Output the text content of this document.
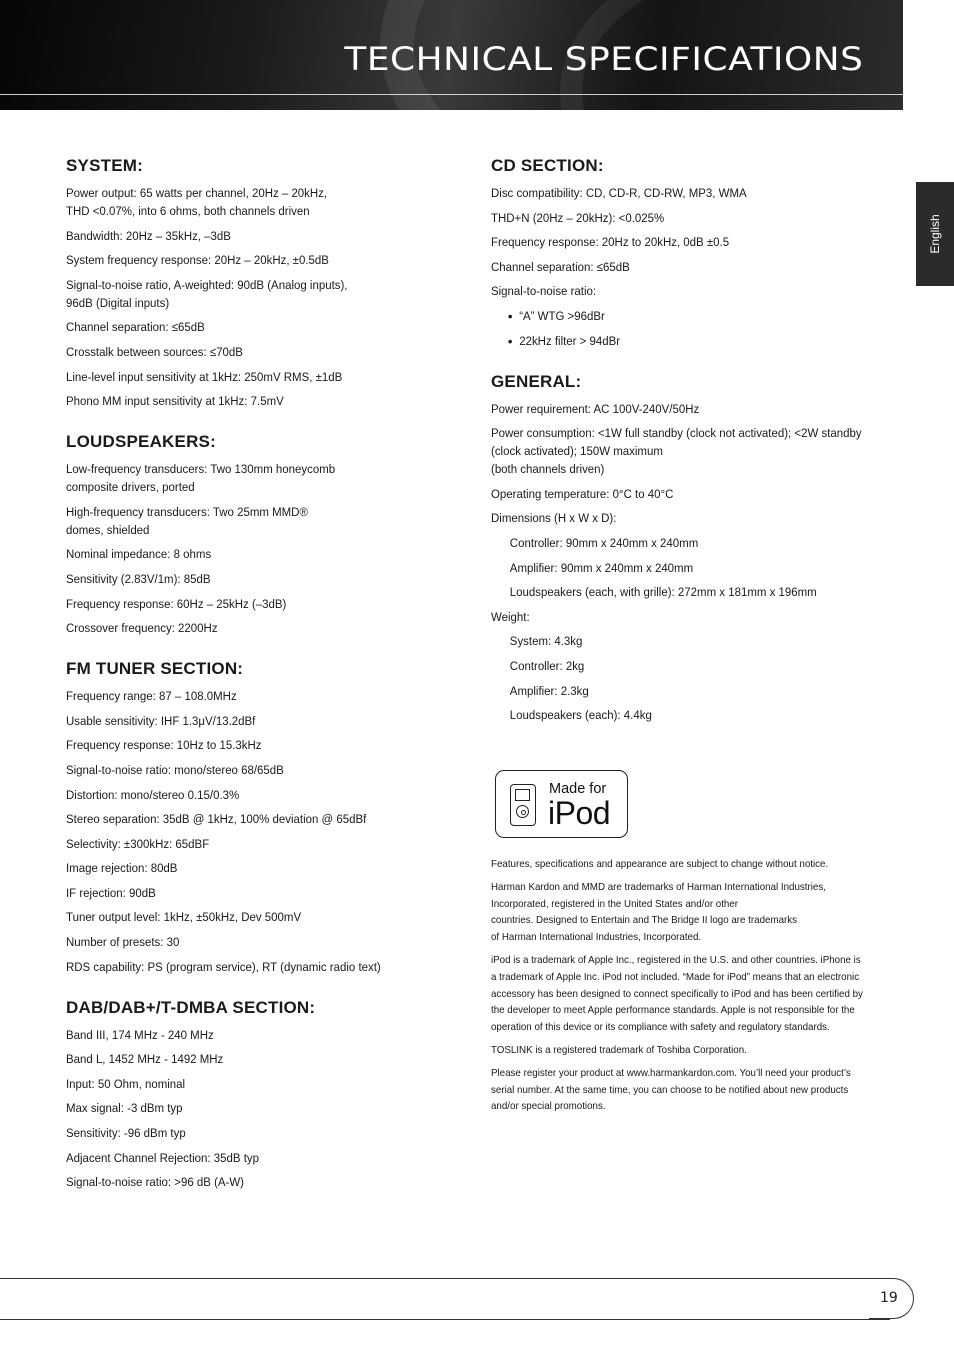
TECHNICAL SPECIFICATIONS
English
SYSTEM:
Power output: 65 watts per channel, 20Hz – 20kHz,
THD <0.07%, into 6 ohms, both channels driven
Bandwidth: 20Hz – 35kHz, –3dB
System frequency response: 20Hz – 20kHz, ±0.5dB
Signal-to-noise ratio, A-weighted: 90dB (Analog inputs),
96dB (Digital inputs)
Channel separation: ≤65dB
Crosstalk between sources: ≤70dB
Line-level input sensitivity at 1kHz: 250mV RMS, ±1dB
Phono MM input sensitivity at 1kHz: 7.5mV
LOUDSPEAKERS:
Low-frequency transducers: Two 130mm honeycomb
composite drivers, ported
High-frequency transducers: Two 25mm MMD®
domes, shielded
Nominal impedance: 8 ohms
Sensitivity (2.83V/1m): 85dB
Frequency response: 60Hz – 25kHz (–3dB)
Crossover frequency: 2200Hz
FM TUNER SECTION:
Frequency range: 87 – 108.0MHz
Usable sensitivity: IHF 1.3μV/13.2dBf
Frequency response: 10Hz to 15.3kHz
Signal-to-noise ratio: mono/stereo 68/65dB
Distortion: mono/stereo 0.15/0.3%
Stereo separation: 35dB @ 1kHz, 100% deviation @ 65dBf
Selectivity: ±300kHz: 65dBF
Image rejection: 80dB
IF rejection: 90dB
Tuner output level: 1kHz, ±50kHz, Dev 500mV
Number of presets: 30
RDS capability: PS (program service), RT (dynamic radio text)
DAB/DAB+/T-DMBA SECTION:
Band III, 174 MHz - 240 MHz
Band L, 1452 MHz - 1492 MHz
Input: 50 Ohm, nominal
Max signal: -3 dBm typ
Sensitivity: -96 dBm typ
Adjacent Channel Rejection: 35dB typ
Signal-to-noise ratio: >96 dB (A-W)
CD SECTION:
Disc compatibility: CD, CD-R, CD-RW, MP3, WMA
THD+N (20Hz – 20kHz): <0.025%
Frequency response: 20Hz to 20kHz, 0dB ±0.5
Channel separation: ≤65dB
Signal-to-noise ratio:
• “A” WTG >96dBr
• 22kHz filter > 94dBr
GENERAL:
Power requirement: AC 100V-240V/50Hz
Power consumption: <1W full standby (clock not activated); <2W standby
(clock activated); 150W maximum
(both channels driven)
Operating temperature: 0°C to 40°C
Dimensions (H x W x D):
Controller: 90mm x 240mm x 240mm
Amplifier: 90mm x 240mm x 240mm
Loudspeakers (each, with grille): 272mm x 181mm x 196mm
Weight:
System: 4.3kg
Controller: 2kg
Amplifier: 2.3kg
Loudspeakers (each): 4.4kg
Made for
iPod

Features, specifications and appearance are subject to change without notice.

Harman Kardon and MMD are trademarks of Harman International Industries,
Incorporated, registered in the United States and/or other
countries. Designed to Entertain and The Bridge II logo are trademarks
of Harman International Industries, Incorporated.

iPod is a trademark of Apple Inc., registered in the U.S. and other countries. iPhone is
a trademark of Apple Inc. iPod not included. “Made for iPod” means that an electronic
accessory has been designed to connect specifically to iPod and has been certified by
the developer to meet Apple performance standards. Apple is not responsible for the
operation of this device or its compliance with safety and regulatory standards.

TOSLINK is a registered trademark of Toshiba Corporation.

Please register your product at www.harmankardon.com. You’ll need your product’s
serial number. At the same time, you can choose to be notified about new products
and/or special promotions.

19
